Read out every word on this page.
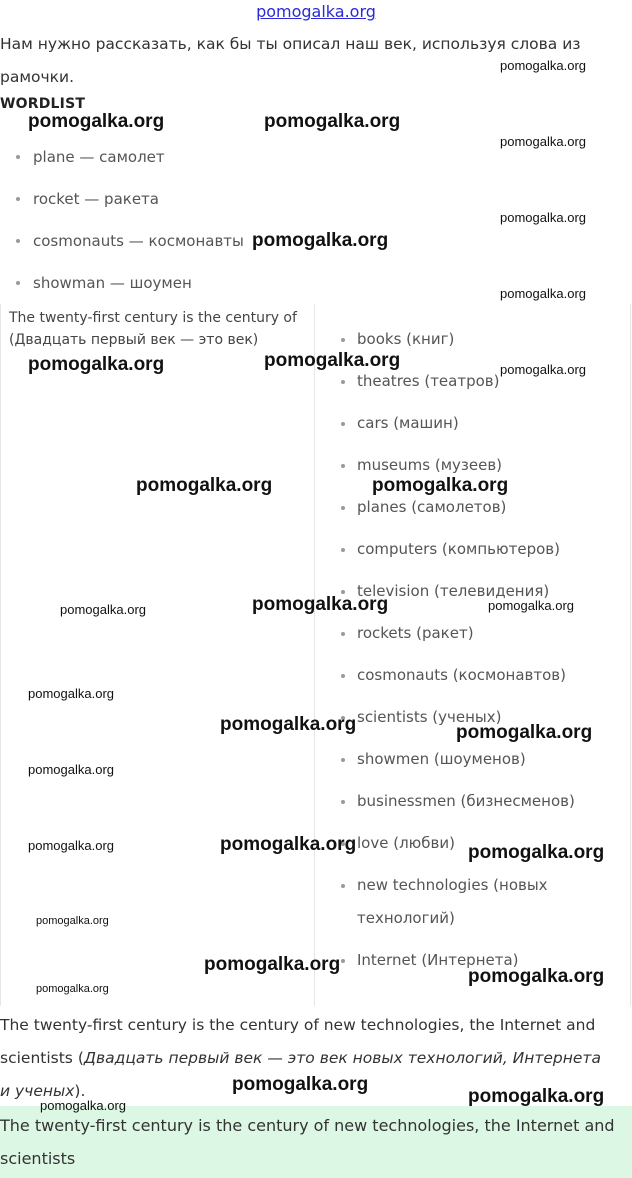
pomogalka.org
Нам нужно рассказать, как бы ты описал наш век, используя слова из рамочки.
WORDLIST
plane — самолет
rocket — ракета
cosmonauts — космонавты
showman — шоумен
The twenty-first century is the century of
(Двадцать первый век — это век)	books (книг)
theatres (театров)
cars (машин)
museums (музеев)
planes (самолетов)
computers (компьютеров)
television (телевидения)
rockets (ракет)
cosmonauts (космонавтов)
scientists (ученых)
showmen (шоуменов)
businessmen (бизнесменов)
love (любви)
new technologies (новых технологий)
Internet (Интернета)
The twenty-first century is the century of new technologies, the Internet and scientists (Двадцать первый век — это век новых технологий, Интернета и ученых).
The twenty-first century is the century of new technologies, the Internet and scientists
pomogalka.org
pomogalka.org	pomogalka.org
pomogalka.org
pomogalka.org
pomogalka.org
pomogalka.org
pomogalka.org
pomogalka.org	pomogalka.org
pomogalka.org	pomogalka.org
pomogalka.org	pomogalka.org	pomogalka.org
pomogalka.org
pomogalka.org	pomogalka.org
pomogalka.org
pomogalka.org	pomogalka.org	pomogalka.org
pomogalka.org
pomogalka.org
pomogalka.org
pomogalka.org
pomogalka.org
pomogalka.org
pomogalka.org
